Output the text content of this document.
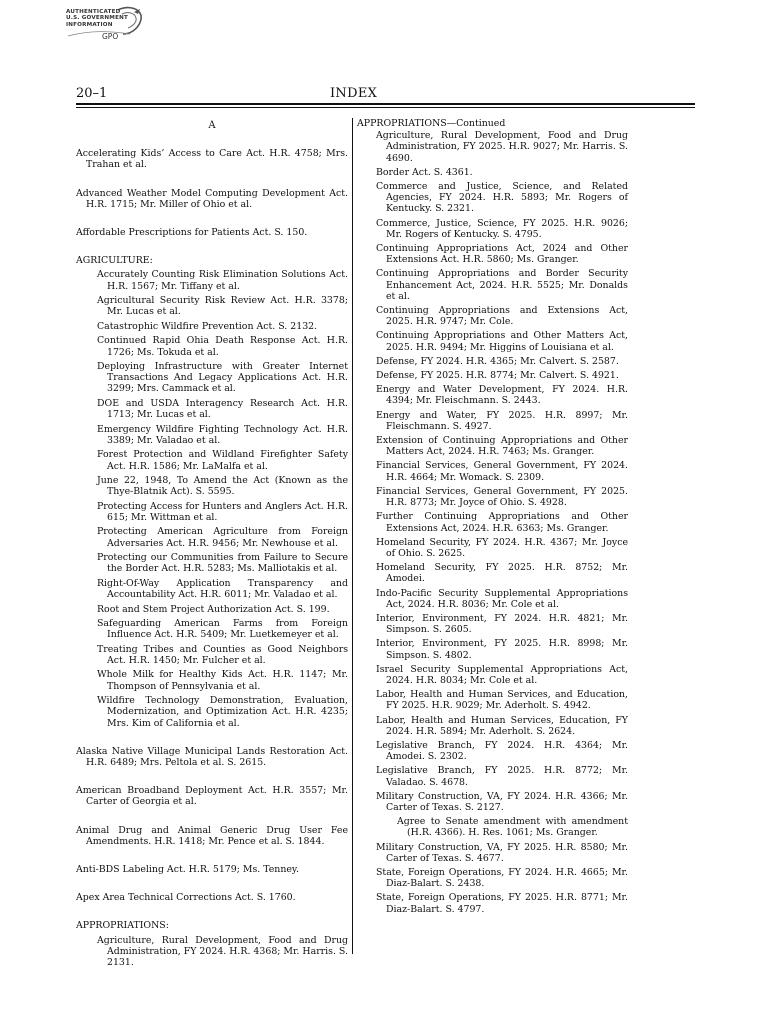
AUTHENTICATED
U.S. GOVERNMENT
INFORMATION
GPO
20–1	INDEX
A
Accelerating Kids’ Access to Care Act. H.R. 4758; Mrs. Trahan et al.
Advanced Weather Model Computing Development Act. H.R. 1715; Mr. Miller of Ohio et al.
Affordable Prescriptions for Patients Act. S. 150.
AGRICULTURE:
Accurately Counting Risk Elimination Solutions Act. H.R. 1567; Mr. Tiffany et al.
Agricultural Security Risk Review Act. H.R. 3378; Mr. Lucas et al.
Catastrophic Wildfire Prevention Act. S. 2132.
Continued Rapid Ohia Death Response Act. H.R. 1726; Ms. Tokuda et al.
Deploying Infrastructure with Greater Internet Transactions And Legacy Applications Act. H.R. 3299; Mrs. Cammack et al.
DOE and USDA Interagency Research Act. H.R. 1713; Mr. Lucas et al.
Emergency Wildfire Fighting Technology Act. H.R. 3389; Mr. Valadao et al.
Forest Protection and Wildland Firefighter Safety Act. H.R. 1586; Mr. LaMalfa et al.
June 22, 1948, To Amend the Act (Known as the Thye-Blatnik Act). S. 5595.
Protecting Access for Hunters and Anglers Act. H.R. 615; Mr. Wittman et al.
Protecting American Agriculture from Foreign Adversaries Act. H.R. 9456; Mr. Newhouse et al.
Protecting our Communities from Failure to Secure the Border Act. H.R. 5283; Ms. Malliotakis et al.
Right-Of-Way Application Transparency and Accountability Act. H.R. 6011; Mr. Valadao et al.
Root and Stem Project Authorization Act. S. 199.
Safeguarding American Farms from Foreign Influence Act. H.R. 5409; Mr. Luetkemeyer et al.
Treating Tribes and Counties as Good Neighbors Act. H.R. 1450; Mr. Fulcher et al.
Whole Milk for Healthy Kids Act. H.R. 1147; Mr. Thompson of Pennsylvania et al.
Wildfire Technology Demonstration, Evaluation, Modernization, and Optimization Act. H.R. 4235; Mrs. Kim of California et al.
Alaska Native Village Municipal Lands Restoration Act. H.R. 6489; Mrs. Peltola et al. S. 2615.
American Broadband Deployment Act. H.R. 3557; Mr. Carter of Georgia et al.
Animal Drug and Animal Generic Drug User Fee Amendments. H.R. 1418; Mr. Pence et al. S. 1844.
Anti-BDS Labeling Act. H.R. 5179; Ms. Tenney.
Apex Area Technical Corrections Act. S. 1760.
APPROPRIATIONS:
Agriculture, Rural Development, Food and Drug Administration, FY 2024. H.R. 4368; Mr. Harris. S. 2131.
APPROPRIATIONS—Continued
Agriculture, Rural Development, Food and Drug Administration, FY 2025. H.R. 9027; Mr. Harris. S. 4690.
Border Act. S. 4361.
Commerce and Justice, Science, and Related Agencies, FY 2024. H.R. 5893; Mr. Rogers of Kentucky. S. 2321.
Commerce, Justice, Science, FY 2025. H.R. 9026; Mr. Rogers of Kentucky. S. 4795.
Continuing Appropriations Act, 2024 and Other Extensions Act. H.R. 5860; Ms. Granger.
Continuing Appropriations and Border Security Enhancement Act, 2024. H.R. 5525; Mr. Donalds et al.
Continuing Appropriations and Extensions Act, 2025. H.R. 9747; Mr. Cole.
Continuing Appropriations and Other Matters Act, 2025. H.R. 9494; Mr. Higgins of Louisiana et al.
Defense, FY 2024. H.R. 4365; Mr. Calvert. S. 2587.
Defense, FY 2025. H.R. 8774; Mr. Calvert. S. 4921.
Energy and Water Development, FY 2024. H.R. 4394; Mr. Fleischmann. S. 2443.
Energy and Water, FY 2025. H.R. 8997; Mr. Fleischmann. S. 4927.
Extension of Continuing Appropriations and Other Matters Act, 2024. H.R. 7463; Ms. Granger.
Financial Services, General Government, FY 2024. H.R. 4664; Mr. Womack. S. 2309.
Financial Services, General Government, FY 2025. H.R. 8773; Mr. Joyce of Ohio. S. 4928.
Further Continuing Appropriations and Other Extensions Act, 2024. H.R. 6363; Ms. Granger.
Homeland Security, FY 2024. H.R. 4367; Mr. Joyce of Ohio. S. 2625.
Homeland Security, FY 2025. H.R. 8752; Mr. Amodei.
Indo-Pacific Security Supplemental Appropriations Act, 2024. H.R. 8036; Mr. Cole et al.
Interior, Environment, FY 2024. H.R. 4821; Mr. Simpson. S. 2605.
Interior, Environment, FY 2025. H.R. 8998; Mr. Simpson. S. 4802.
Israel Security Supplemental Appropriations Act, 2024. H.R. 8034; Mr. Cole et al.
Labor, Health and Human Services, and Education, FY 2025. H.R. 9029; Mr. Aderholt. S. 4942.
Labor, Health and Human Services, Education, FY 2024. H.R. 5894; Mr. Aderholt. S. 2624.
Legislative Branch, FY 2024. H.R. 4364; Mr. Amodei. S. 2302.
Legislative Branch, FY 2025. H.R. 8772; Mr. Valadao. S. 4678.
Military Construction, VA, FY 2024. H.R. 4366; Mr. Carter of Texas. S. 2127.
Agree to Senate amendment with amendment (H.R. 4366). H. Res. 1061; Ms. Granger.
Military Construction, VA, FY 2025. H.R. 8580; Mr. Carter of Texas. S. 4677.
State, Foreign Operations, FY 2024. H.R. 4665; Mr. Diaz-Balart. S. 2438.
State, Foreign Operations, FY 2025. H.R. 8771; Mr. Diaz-Balart. S. 4797.
